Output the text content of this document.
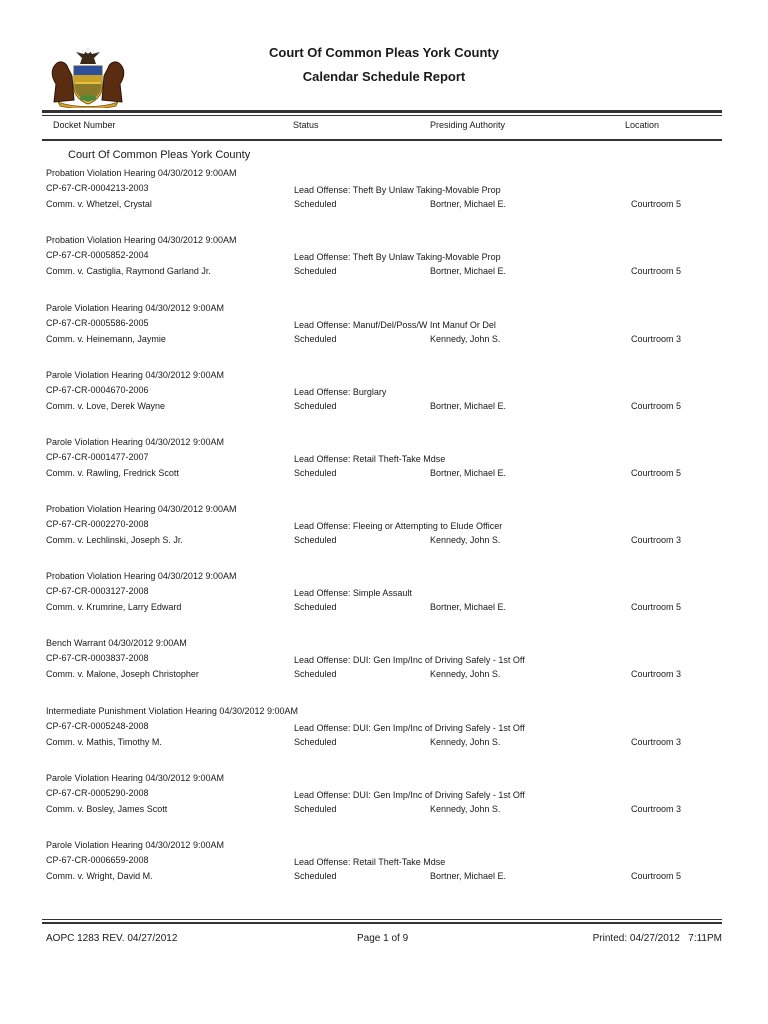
Court Of Common Pleas York County
Calendar Schedule Report
Docket Number	Status	Presiding Authority	Location
Court Of Common Pleas York County
Probation Violation Hearing 04/30/2012 9:00AM
CP-67-CR-0004213-2003
Comm. v. Whetzel, Crystal
Lead Offense: Theft By Unlaw Taking-Movable Prop
Scheduled	Bortner, Michael E.	Courtroom 5
Probation Violation Hearing 04/30/2012 9:00AM
CP-67-CR-0005852-2004
Comm. v. Castiglia, Raymond Garland Jr.
Lead Offense: Theft By Unlaw Taking-Movable Prop
Scheduled	Bortner, Michael E.	Courtroom 5
Parole Violation Hearing 04/30/2012 9:00AM
CP-67-CR-0005586-2005
Comm. v. Heinemann, Jaymie
Lead Offense: Manuf/Del/Poss/W Int Manuf Or Del
Scheduled	Kennedy, John S.	Courtroom 3
Parole Violation Hearing 04/30/2012 9:00AM
CP-67-CR-0004670-2006
Comm. v. Love, Derek Wayne
Lead Offense: Burglary
Scheduled	Bortner, Michael E.	Courtroom 5
Parole Violation Hearing 04/30/2012 9:00AM
CP-67-CR-0001477-2007
Comm. v. Rawling, Fredrick Scott
Lead Offense: Retail Theft-Take Mdse
Scheduled	Bortner, Michael E.	Courtroom 5
Probation Violation Hearing 04/30/2012 9:00AM
CP-67-CR-0002270-2008
Comm. v. Lechlinski, Joseph S. Jr.
Lead Offense: Fleeing or Attempting to Elude Officer
Scheduled	Kennedy, John S.	Courtroom 3
Probation Violation Hearing 04/30/2012 9:00AM
CP-67-CR-0003127-2008
Comm. v. Krumrine, Larry Edward
Lead Offense: Simple Assault
Scheduled	Bortner, Michael E.	Courtroom 5
Bench Warrant 04/30/2012 9:00AM
CP-67-CR-0003837-2008
Comm. v. Malone, Joseph Christopher
Lead Offense: DUI: Gen Imp/Inc of Driving Safely - 1st Off
Scheduled	Kennedy, John S.	Courtroom 3
Intermediate Punishment Violation Hearing 04/30/2012 9:00AM
CP-67-CR-0005248-2008
Comm. v. Mathis, Timothy M.
Lead Offense: DUI: Gen Imp/Inc of Driving Safely - 1st Off
Scheduled	Kennedy, John S.	Courtroom 3
Parole Violation Hearing 04/30/2012 9:00AM
CP-67-CR-0005290-2008
Comm. v. Bosley, James Scott
Lead Offense: DUI: Gen Imp/Inc of Driving Safely - 1st Off
Scheduled	Kennedy, John S.	Courtroom 3
Parole Violation Hearing 04/30/2012 9:00AM
CP-67-CR-0006659-2008
Comm. v. Wright, David M.
Lead Offense: Retail Theft-Take Mdse
Scheduled	Bortner, Michael E.	Courtroom 5
AOPC 1283 REV. 04/27/2012	Page 1 of 9	Printed: 04/27/2012   7:11PM
